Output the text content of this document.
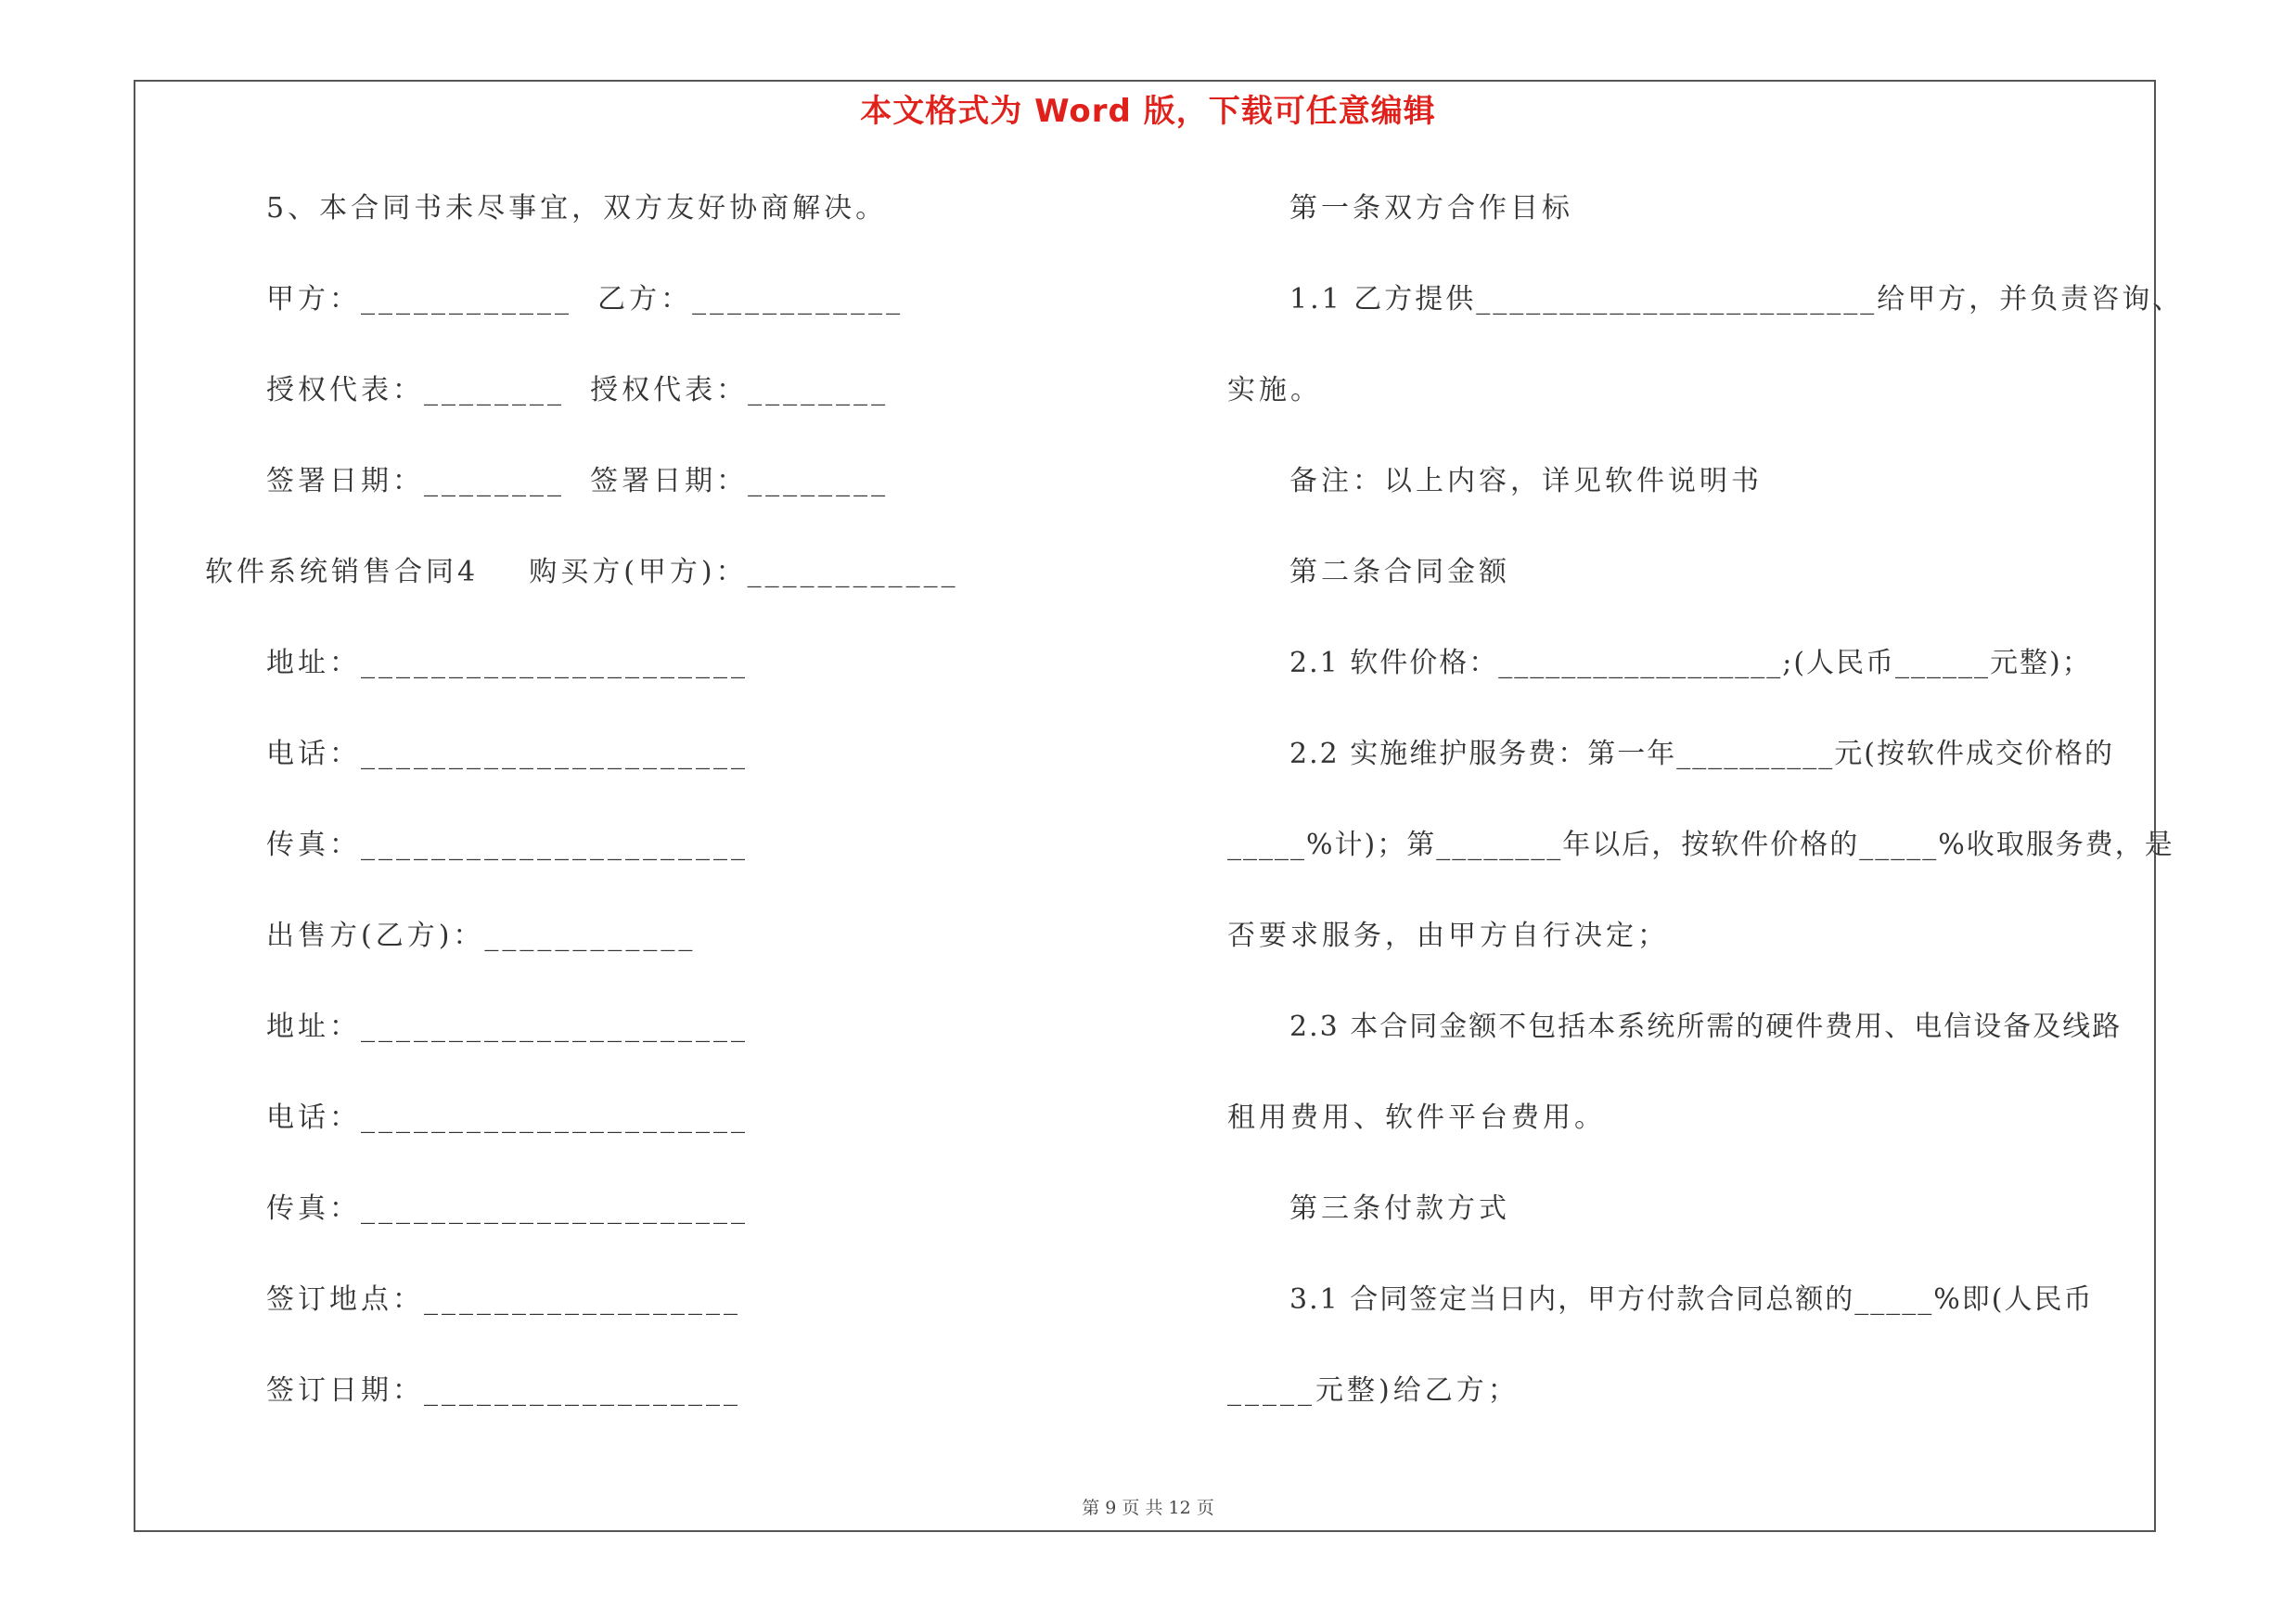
本文格式为 Word 版，下载可任意编辑
5、本合同书未尽事宜，双方友好协商解决。
甲方：____________  乙方：____________
授权代表：________  授权代表：________
签署日期：________  签署日期：________
软件系统销售合同4    购买方(甲方)：____________
地址：______________________
电话：______________________
传真：______________________
出售方(乙方)：____________
地址：______________________
电话：______________________
传真：______________________
签订地点：__________________
签订日期：__________________
第一条双方合作目标
1.1 乙方提供________________________给甲方，并负责咨询、
实施。
备注：以上内容，详见软件说明书
第二条合同金额
2.1 软件价格：__________________;(人民币______元整)；
2.2 实施维护服务费：第一年__________元(按软件成交价格的
_____%计)；第________年以后，按软件价格的_____%收取服务费，是
否要求服务，由甲方自行决定；
2.3 本合同金额不包括本系统所需的硬件费用、电信设备及线路
租用费用、软件平台费用。
第三条付款方式
3.1 合同签定当日内，甲方付款合同总额的_____%即(人民币
_____元整)给乙方；
第 9 页 共 12 页
